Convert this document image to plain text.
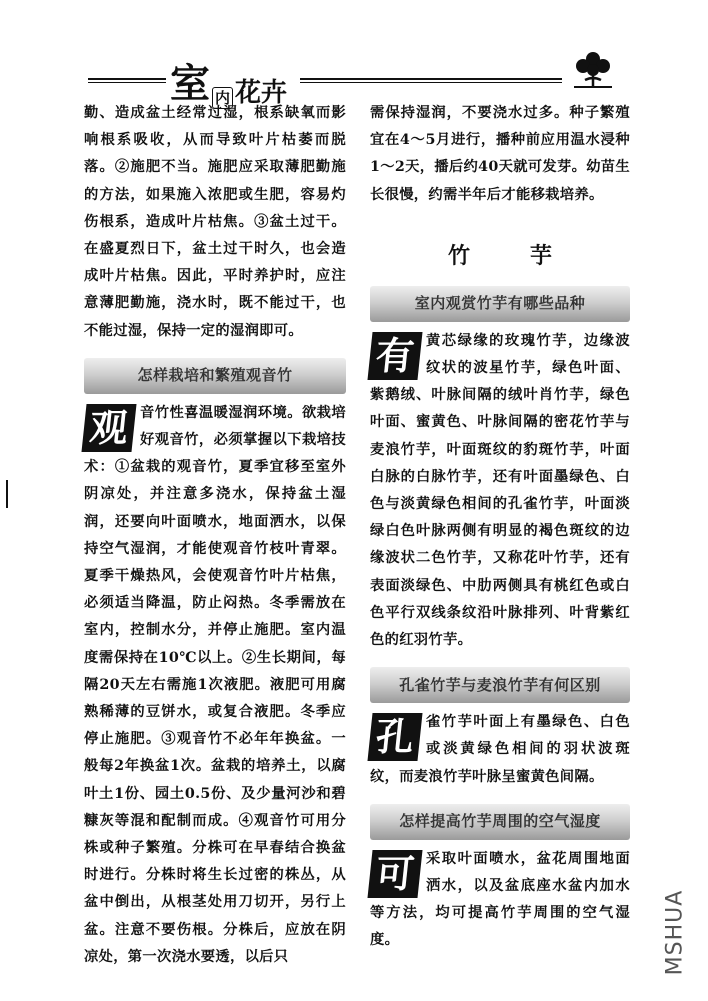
室 内 花卉

勤、造成盆土经常过湿，根系缺氧而影响根系吸收，从而导致叶片枯萎而脱落。②施肥不当。施肥应采取薄肥勤施的方法，如果施入浓肥或生肥，容易灼伤根系，造成叶片枯焦。③盆土过干。在盛夏烈日下，盆土过干时久，也会造成叶片枯焦。因此，平时养护时，应注意薄肥勤施，浇水时，既不能过干，也不能过湿，保持一定的湿润即可。

怎样栽培和繁殖观音竹

观 音竹性喜温暖湿润环境。欲栽培好观音竹，必须掌握以下栽培技术：①盆栽的观音竹，夏季宜移至室外阴凉处，并注意多浇水，保持盆土湿润，还要向叶面喷水，地面洒水，以保持空气湿润，才能使观音竹枝叶青翠。夏季干燥热风，会使观音竹叶片枯焦，必须适当降温，防止闷热。冬季需放在室内，控制水分，并停止施肥。室内温度需保持在10℃以上。②生长期间，每隔20天左右需施1次液肥。液肥可用腐熟稀薄的豆饼水，或复合液肥。冬季应停止施肥。③观音竹不必年年换盆。一般每2年换盆1次。盆栽的培养土，以腐叶土1份、园土0.5份、及少量河沙和碧糠灰等混和配制而成。④观音竹可用分株或种子繁殖。分株可在早春结合换盆时进行。分株时将生长过密的株丛，从盆中倒出，从根茎处用刀切开，另行上盆。注意不要伤根。分株后，应放在阴凉处，第一次浇水要透，以后只

需保持湿润，不要浇水过多。种子繁殖宜在4～5月进行，播种前应用温水浸种1～2天，播后约40天就可发芽。幼苗生长很慢，约需半年后才能移栽培养。

竹芋
室内观赏竹芋有哪些品种

有 黄芯绿缘的玫瑰竹芋，边缘波纹状的波星竹芋，绿色叶面、紫鹅绒、叶脉间隔的绒叶肖竹芋，绿色叶面、蜜黄色、叶脉间隔的密花竹芋与麦浪竹芋，叶面斑纹的豹斑竹芋，叶面白脉的白脉竹芋，还有叶面墨绿色、白色与淡黄绿色相间的孔雀竹芋，叶面淡绿白色叶脉两侧有明显的褐色斑纹的边缘波状二色竹芋，又称花叶竹芋，还有表面淡绿色、中肋两侧具有桃红色或白色平行双线条纹沿叶脉排列、叶背紫红色的红羽竹芋。

孔雀竹芋与麦浪竹芋有何区别

孔 雀竹芋叶面上有墨绿色、白色或淡黄绿色相间的羽状波斑纹，而麦浪竹芋叶脉呈蜜黄色间隔。

怎样提高竹芋周围的空气湿度

可 采取叶面喷水，盆花周围地面洒水，以及盆底座水盆内加水等方法，均可提高竹芋周围的空气湿度。	MSHUA
